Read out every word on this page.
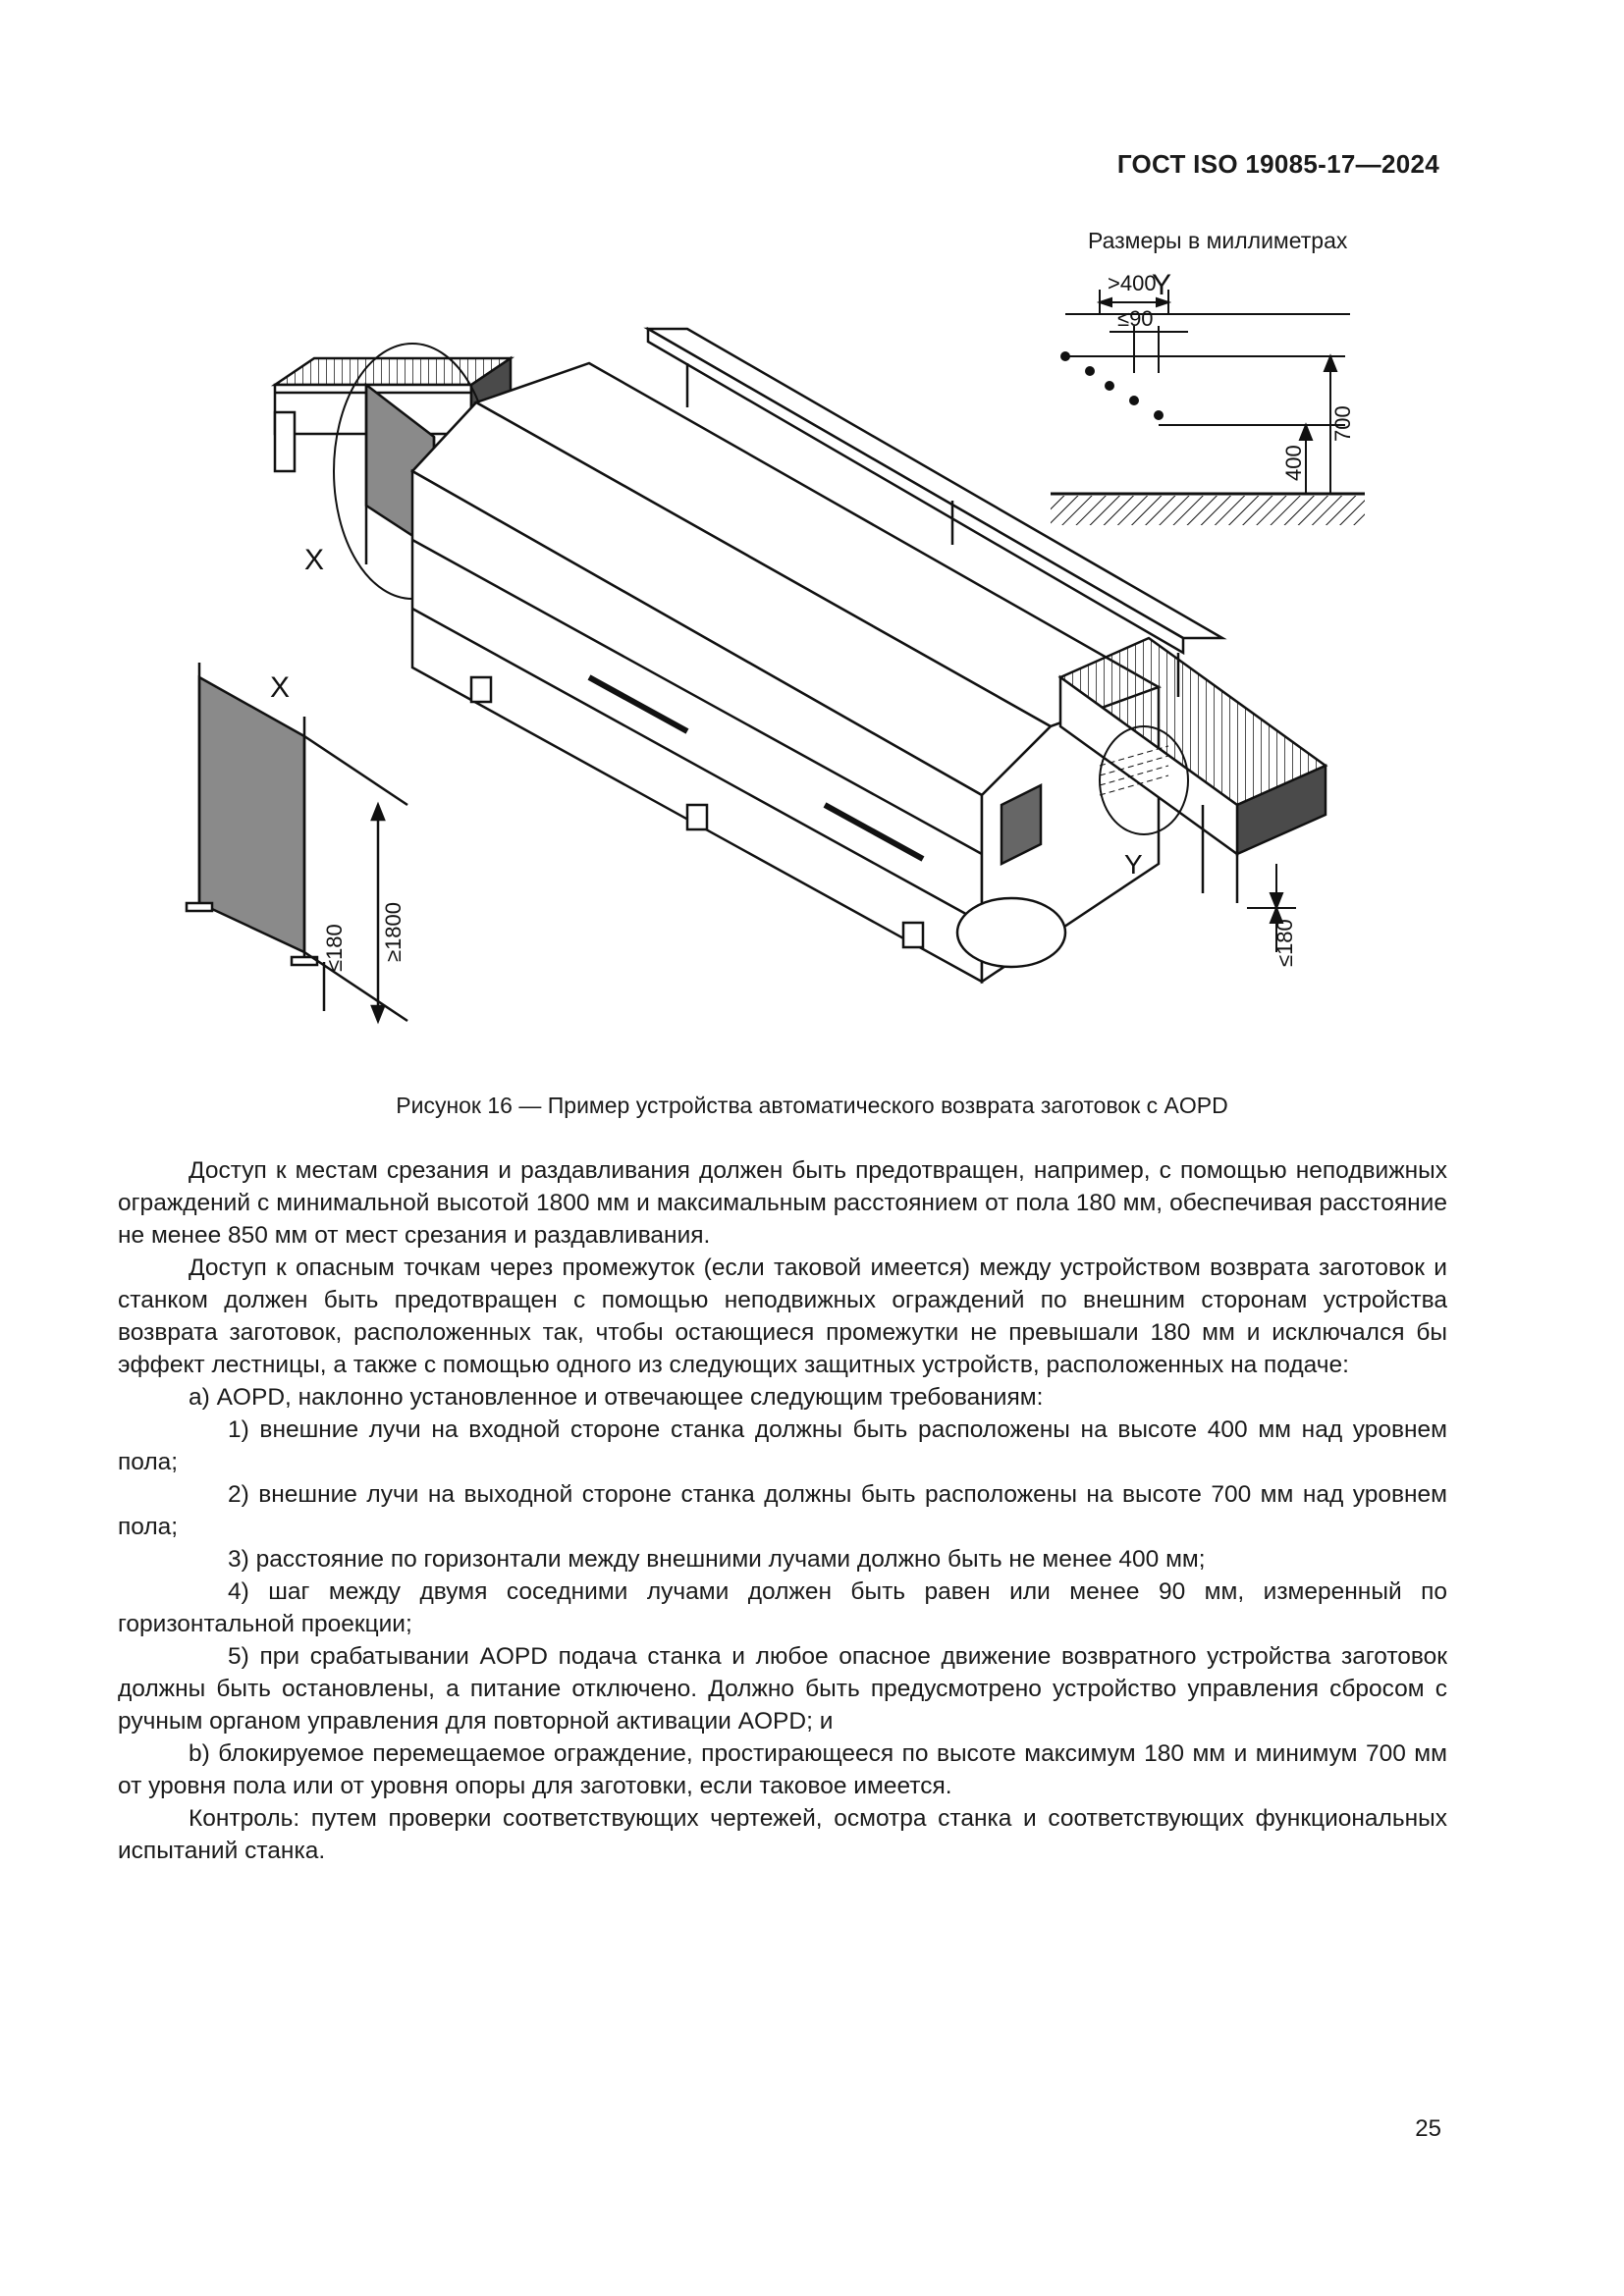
ГОСТ ISO 19085-17—2024
X
Y
≤180
X
≥1800
≤180
Y
>400
≤90
400
700
Размеры в миллиметрах
Рисунок 16 — Пример устройства автоматического возврата заготовок с AOPD

Доступ к местам срезания и раздавливания должен быть предотвращен, например, с помощью неподвижных ограждений с минимальной высотой 1800 мм и максимальным расстоянием от пола 180 мм, обеспечивая расстояние не менее 850 мм от мест срезания и раздавливания.

Доступ к опасным точкам через промежуток (если таковой имеется) между устройством возврата заготовок и станком должен быть предотвращен с помощью неподвижных ограждений по внешним сторонам устройства возврата заготовок, расположенных так, чтобы остающиеся промежутки не превышали 180 мм и исключался бы эффект лестницы, а также с помощью одного из следующих защитных устройств, расположенных на подаче:

а) AOPD, наклонно установленное и отвечающее следующим требованиям:

1) внешние лучи на входной стороне станка должны быть расположены на высоте 400 мм над уровнем пола;

2) внешние лучи на выходной стороне станка должны быть расположены на высоте 700 мм над уровнем пола;

3) расстояние по горизонтали между внешними лучами должно быть не менее 400 мм;

4) шаг между двумя соседними лучами должен быть равен или менее 90 мм, измеренный по горизонтальной проекции;

5) при срабатывании AOPD подача станка и любое опасное движение возвратного устройства заготовок должны быть остановлены, а питание отключено. Должно быть предусмотрено устройство управления сбросом с ручным органом управления для повторной активации AOPD; и

b) блокируемое перемещаемое ограждение, простирающееся по высоте максимум 180 мм и минимум 700 мм от уровня пола или от уровня опоры для заготовки, если таковое имеется.

Контроль: путем проверки соответствующих чертежей, осмотра станка и соответствующих функциональных испытаний станка.

25
